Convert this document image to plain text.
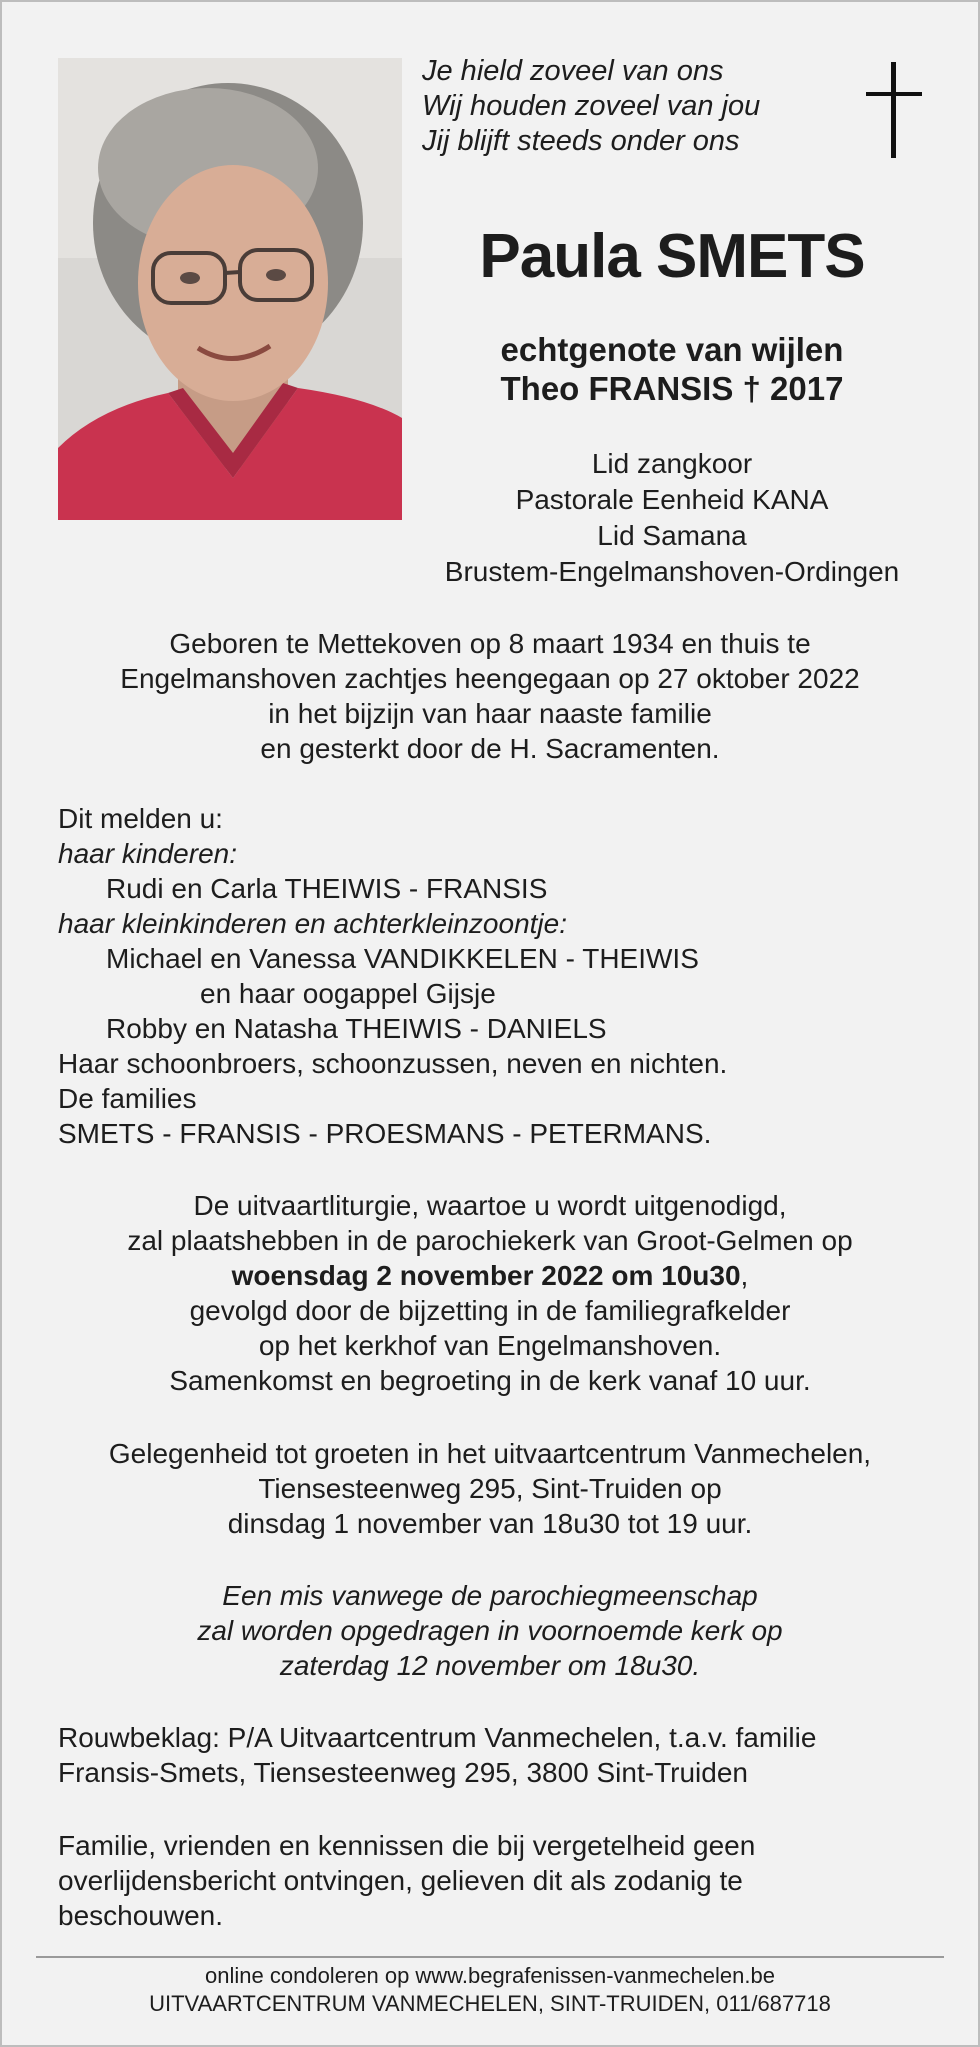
Je hield zoveel van ons
Wij houden zoveel van jou
Jij blijft steeds onder ons
Paula SMETS
echtgenote van wijlen
Theo FRANSIS † 2017
Lid zangkoor
Pastorale Eenheid KANA
Lid Samana
Brustem-Engelmanshoven-Ordingen
Geboren te Mettekoven op 8 maart 1934 en thuis te
Engelmanshoven zachtjes heengegaan op 27 oktober 2022
in het bijzijn van haar naaste familie
en gesterkt door de H. Sacramenten.
Dit melden u:
haar kinderen:
Rudi en Carla THEIWIS - FRANSIS
haar kleinkinderen en achterkleinzoontje:
Michael en Vanessa VANDIKKELEN - THEIWIS
en haar oogappel Gijsje
Robby en Natasha THEIWIS - DANIELS
Haar schoonbroers, schoonzussen, neven en nichten.
De families
SMETS - FRANSIS - PROESMANS - PETERMANS.
De uitvaartliturgie, waartoe u wordt uitgenodigd,
zal plaatshebben in de parochiekerk van Groot-Gelmen op
woensdag 2 november 2022 om 10u30,
gevolgd door de bijzetting in de familiegrafkelder
op het kerkhof van Engelmanshoven.
Samenkomst en begroeting in de kerk vanaf 10 uur.
Gelegenheid tot groeten in het uitvaartcentrum Vanmechelen,
Tiensesteenweg 295, Sint-Truiden op
dinsdag 1 november van 18u30 tot 19 uur.
Een mis vanwege de parochiegmeenschap
zal worden opgedragen in voornoemde kerk op
zaterdag 12 november om 18u30.
Rouwbeklag: P/A Uitvaartcentrum Vanmechelen, t.a.v. familie
Fransis-Smets, Tiensesteenweg 295, 3800 Sint-Truiden
Familie, vrienden en kennissen die bij vergetelheid geen
overlijdensbericht ontvingen, gelieven dit als zodanig te
beschouwen.
online condoleren op www.begrafenissen-vanmechelen.be
UITVAARTCENTRUM VANMECHELEN, SINT-TRUIDEN, 011/687718
